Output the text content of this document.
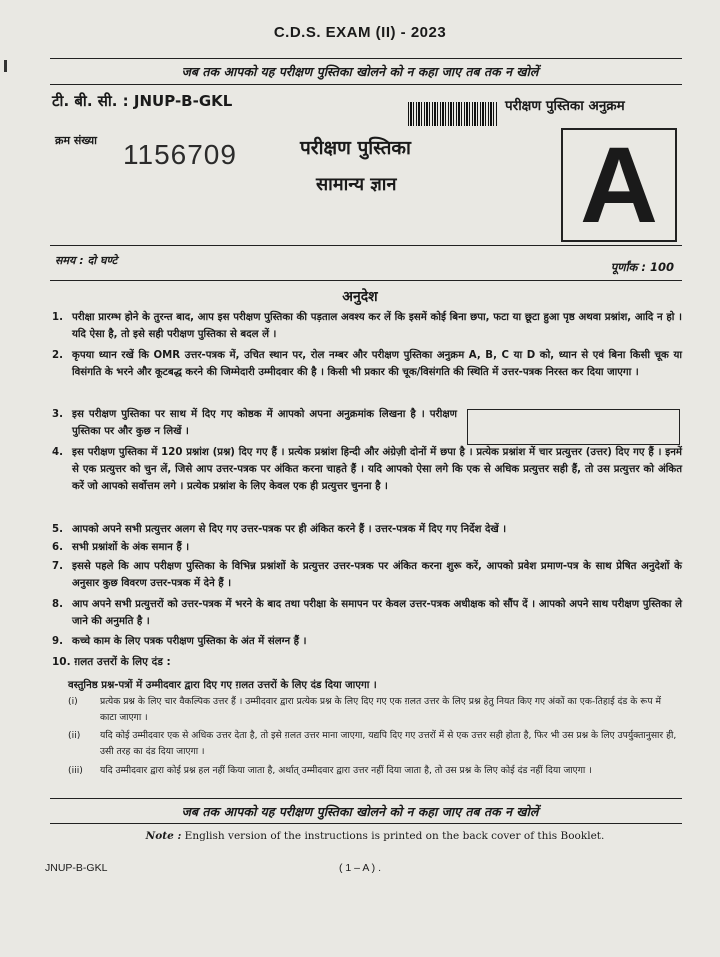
C.D.S. EXAM (II) - 2023
जब तक आपको यह परीक्षण पुस्तिका खोलने को न कहा जाए तब तक न खोलें
टी. बी. सी. : JNUP-B-GKL	परीक्षण पुस्तिका अनुक्रम
क्रम संख्या 1156709	परीक्षण पुस्तिका
सामान्य ज्ञान A
समय : दो घण्टे	पूर्णांक : 100
अनुदेश
1. परीक्षा प्रारम्भ होने के तुरन्त बाद, आप इस परीक्षण पुस्तिका की पड़ताल अवश्य कर लें कि इसमें कोई बिना छपा, फटा या छूटा हुआ पृष्ठ अथवा प्रश्नांश, आदि न हो । यदि ऐसा है, तो इसे सही परीक्षण पुस्तिका से बदल लें ।
2. कृपया ध्यान रखें कि OMR उत्तर-पत्रक में, उचित स्थान पर, रोल नम्बर और परीक्षण पुस्तिका अनुक्रम A, B, C या D को, ध्यान से एवं बिना किसी चूक या विसंगति के भरने और कूटबद्ध करने की जिम्मेदारी उम्मीदवार की है । किसी भी प्रकार की चूक/विसंगति की स्थिति में उत्तर-पत्रक निरस्त कर दिया जाएगा ।
3. इस परीक्षण पुस्तिका पर साथ में दिए गए कोष्ठक में आपको अपना अनुक्रमांक लिखना है । परीक्षण पुस्तिका पर और कुछ न लिखें ।
4. इस परीक्षण पुस्तिका में 120 प्रश्नांश (प्रश्न) दिए गए हैं । प्रत्येक प्रश्नांश हिन्दी और अंग्रेज़ी दोनों में छपा है । प्रत्येक प्रश्नांश में चार प्रत्युत्तर (उत्तर) दिए गए हैं । इनमें से एक प्रत्युत्तर को चुन लें, जिसे आप उत्तर-पत्रक पर अंकित करना चाहते हैं । यदि आपको ऐसा लगे कि एक से अधिक प्रत्युत्तर सही हैं, तो उस प्रत्युत्तर को अंकित करें जो आपको सर्वोत्तम लगे । प्रत्येक प्रश्नांश के लिए केवल एक ही प्रत्युत्तर चुनना है ।
5. आपको अपने सभी प्रत्युत्तर अलग से दिए गए उत्तर-पत्रक पर ही अंकित करने हैं । उत्तर-पत्रक में दिए गए निर्देश देखें ।
6. सभी प्रश्नांशों के अंक समान हैं ।
7. इससे पहले कि आप परीक्षण पुस्तिका के विभिन्न प्रश्नांशों के प्रत्युत्तर उत्तर-पत्रक पर अंकित करना शुरू करें, आपको प्रवेश प्रमाण-पत्र के साथ प्रेषित अनुदेशों के अनुसार कुछ विवरण उत्तर-पत्रक में देने हैं ।
8. आप अपने सभी प्रत्युत्तरों को उत्तर-पत्रक में भरने के बाद तथा परीक्षा के समापन पर केवल उत्तर-पत्रक अधीक्षक को सौंप दें । आपको अपने साथ परीक्षण पुस्तिका ले जाने की अनुमति है ।
9. कच्चे काम के लिए पत्रक परीक्षण पुस्तिका के अंत में संलग्न हैं ।
10. ग़लत उत्तरों के लिए दंड :
वस्तुनिष्ठ प्रश्न-पत्रों में उम्मीदवार द्वारा दिए गए ग़लत उत्तरों के लिए दंड दिया जाएगा ।
(i) प्रत्येक प्रश्न के लिए चार वैकल्पिक उत्तर हैं । उम्मीदवार द्वारा प्रत्येक प्रश्न के लिए दिए गए एक ग़लत उत्तर के लिए प्रश्न हेतु नियत किए गए अंकों का एक-तिहाई दंड के रूप में काटा जाएगा ।
(ii) यदि कोई उम्मीदवार एक से अधिक उत्तर देता है, तो इसे ग़लत उत्तर माना जाएगा, यद्यपि दिए गए उत्तरों में से एक उत्तर सही होता है, फिर भी उस प्रश्न के लिए उपर्युक्तानुसार ही, उसी तरह का दंड दिया जाएगा ।
(iii) यदि उम्मीदवार द्वारा कोई प्रश्न हल नहीं किया जाता है, अर्थात् उम्मीदवार द्वारा उत्तर नहीं दिया जाता है, तो उस प्रश्न के लिए कोई दंड नहीं दिया जाएगा ।
जब तक आपको यह परीक्षण पुस्तिका खोलने को न कहा जाए तब तक न खोलें
Note : English version of the instructions is printed on the back cover of this Booklet.
JNUP-B-GKL	( 1 – A ) .
